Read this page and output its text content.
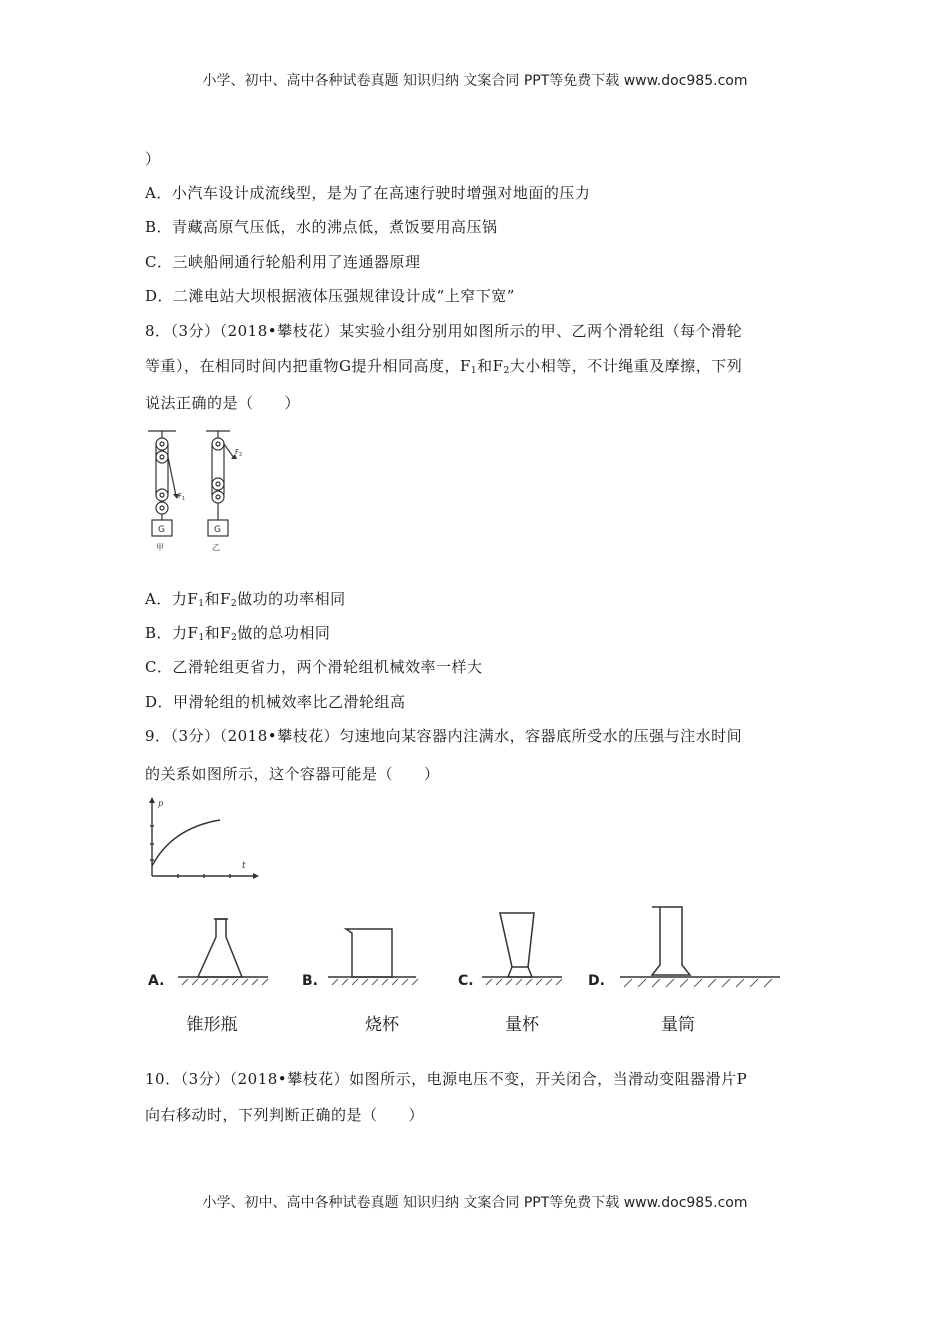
小学、初中、高中各种试卷真题 知识归纳 文案合同 PPT等免费下载 www.doc985.com
）
A．小汽车设计成流线型，是为了在高速行驶时增强对地面的压力
B．青藏高原气压低，水的沸点低，煮饭要用高压锅
C．三峡船闸通行轮船利用了连通器原理
D．二滩电站大坝根据液体压强规律设计成“上窄下宽”
8．（3分）（2018•攀枝花）某实验小组分别用如图所示的甲、乙两个滑轮组（每个滑轮
等重），在相同时间内把重物G提升相同高度，$F_1$和$F_2$大小相等，不计绳重及摩擦，下列
说法正确的是（　　）
$F_1$
$F_2$
G	G
甲	乙
A．力$F_1$和$F_2$做功的功率相同
B．力$F_1$和$F_2$做的总功相同
C．乙滑轮组更省力，两个滑轮组机械效率一样大
D．甲滑轮组的机械效率比乙滑轮组高
9．（3分）（2018•攀枝花）匀速地向某容器内注满水，容器底所受水的压强与注水时间
的关系如图所示，这个容器可能是（　　）
p
t
A.	B.	C.	D.
锥形瓶	烧杯	量杯	量筒
10．（3分）（2018•攀枝花）如图所示，电源电压不变，开关闭合，当滑动变阻器滑片P
向右移动时，下列判断正确的是（　　）
小学、初中、高中各种试卷真题 知识归纳 文案合同 PPT等免费下载 www.doc985.com
